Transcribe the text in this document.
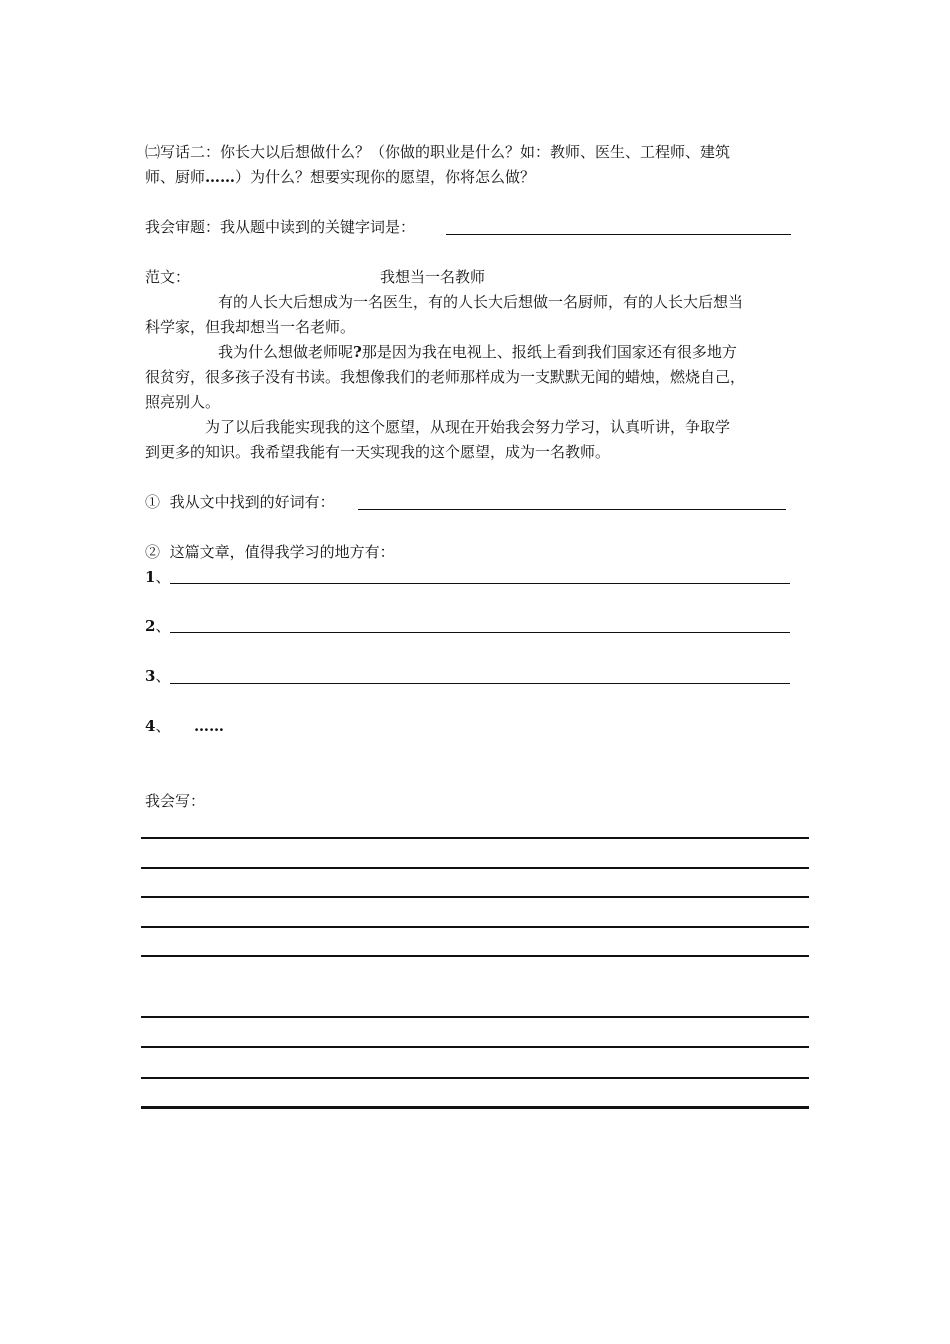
㈡写话二：你长大以后想做什么？（你做的职业是什么？如：教师、医生、工程师、建筑
师、厨师……）为什么？想要实现你的愿望，你将怎么做？
我会审题：我从题中读到的关键字词是：
范文：	我想当一名教师
有的人长大后想成为一名医生，有的人长大后想做一名厨师，有的人长大后想当
科学家，但我却想当一名老师。
我为什么想做老师呢?那是因为我在电视上、报纸上看到我们国家还有很多地方
很贫穷，很多孩子没有书读。我想像我们的老师那样成为一支默默无闻的蜡烛，燃烧自己，
照亮别人。
为了以后我能实现我的这个愿望，从现在开始我会努力学习，认真听讲，争取学
到更多的知识。我希望我能有一天实现我的这个愿望，成为一名教师。
① 我从文中找到的好词有：
② 这篇文章，值得我学习的地方有：
1、
2、
3、
4、 ……
我会写：
